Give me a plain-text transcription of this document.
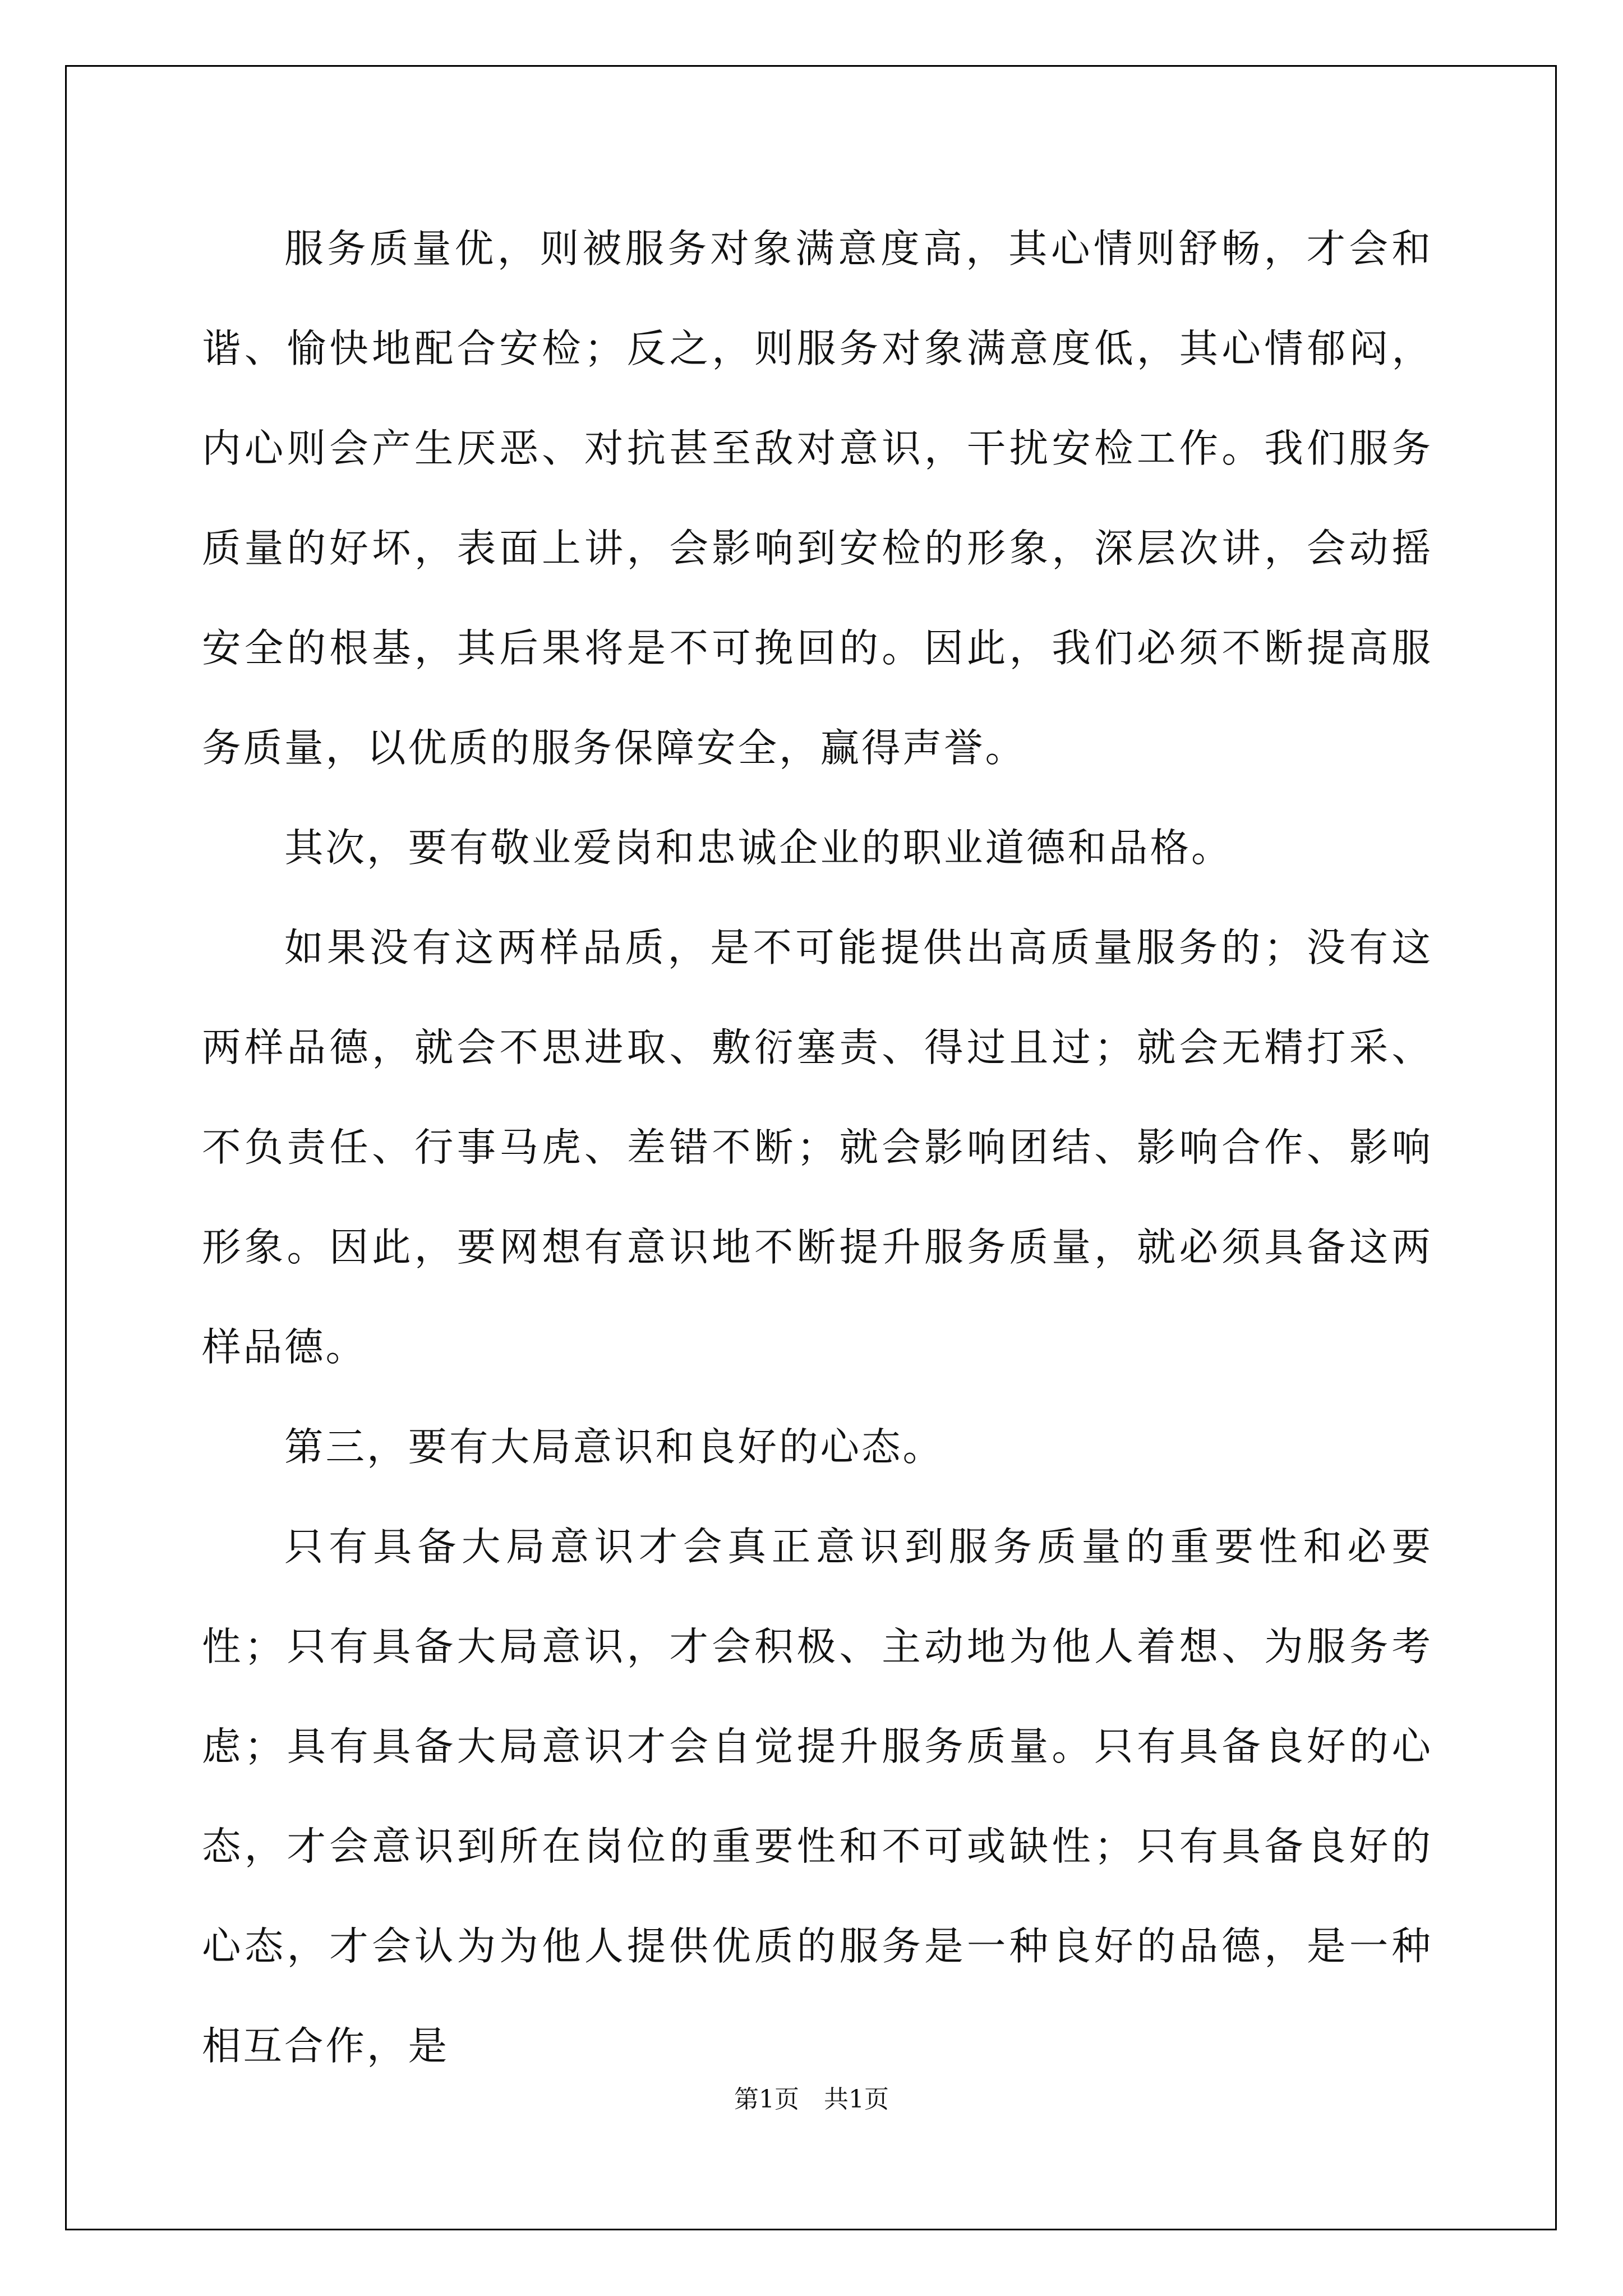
服务质量优，则被服务对象满意度高，其心情则舒畅，才会和谐、愉快地配合安检；反之，则服务对象满意度低，其心情郁闷，内心则会产生厌恶、对抗甚至敌对意识，干扰安检工作。我们服务质量的好坏，表面上讲，会影响到安检的形象，深层次讲，会动摇安全的根基，其后果将是不可挽回的。因此，我们必须不断提高服务质量，以优质的服务保障安全，赢得声誉。

其次，要有敬业爱岗和忠诚企业的职业道德和品格。

如果没有这两样品质，是不可能提供出高质量服务的；没有这两样品德，就会不思进取、敷衍塞责、得过且过；就会无精打采、不负责任、行事马虎、差错不断；就会影响团结、影响合作、影响形象。因此，要网想有意识地不断提升服务质量，就必须具备这两样品德。

第三，要有大局意识和良好的心态。

只有具备大局意识才会真正意识到服务质量的重要性和必要性；只有具备大局意识，才会积极、主动地为他人着想、为服务考虑；具有具备大局意识才会自觉提升服务质量。只有具备良好的心态，才会意识到所在岗位的重要性和不可或缺性；只有具备良好的心态，才会认为为他人提供优质的服务是一种良好的品德，是一种相互合作，是

第1页　共1页
